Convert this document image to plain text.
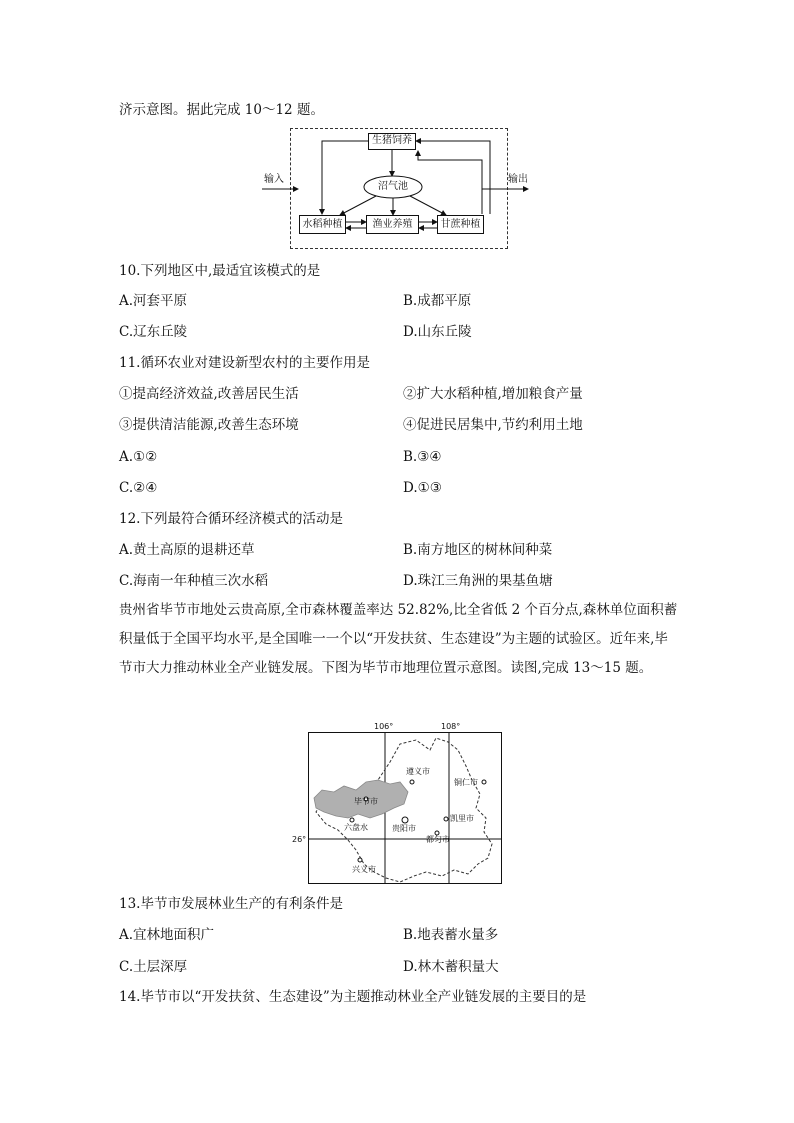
济示意图。据此完成 10～12 题。
输入	输出
生猪饲养
沼气池
水稻种植	渔业养殖	甘蔗种植
10.下列地区中,最适宜该模式的是
A.河套平原	B.成都平原
C.辽东丘陵	D.山东丘陵
11.循环农业对建设新型农村的主要作用是
①提高经济效益,改善居民生活	②扩大水稻种植,增加粮食产量
③提供清洁能源,改善生态环境	④促进民居集中,节约利用土地
A.①②	B.③④
C.②④	D.①③
12.下列最符合循环经济模式的活动是
A.黄土高原的退耕还草	B.南方地区的树林间种菜
C.海南一年种植三次水稻	D.珠江三角洲的果基鱼塘
贵州省毕节市地处云贵高原,全市森林覆盖率达 52.82%,比全省低 2 个百分点,森林单位面积蓄积量低于全国平均水平,是全国唯一一个以“开发扶贫、生态建设”为主题的试验区。近年来,毕节市大力推动林业全产业链发展。下图为毕节市地理位置示意图。读图,完成 13～15 题。
遵义市
铜仁市
毕节市
六盘水	贵阳市
凯里市
都匀市
兴义市
106°	108°
26°
13.毕节市发展林业生产的有利条件是
A.宜林地面积广	B.地表蓄水量多
C.土层深厚	D.林木蓄积量大
14.毕节市以“开发扶贫、生态建设”为主题推动林业全产业链发展的主要目的是
